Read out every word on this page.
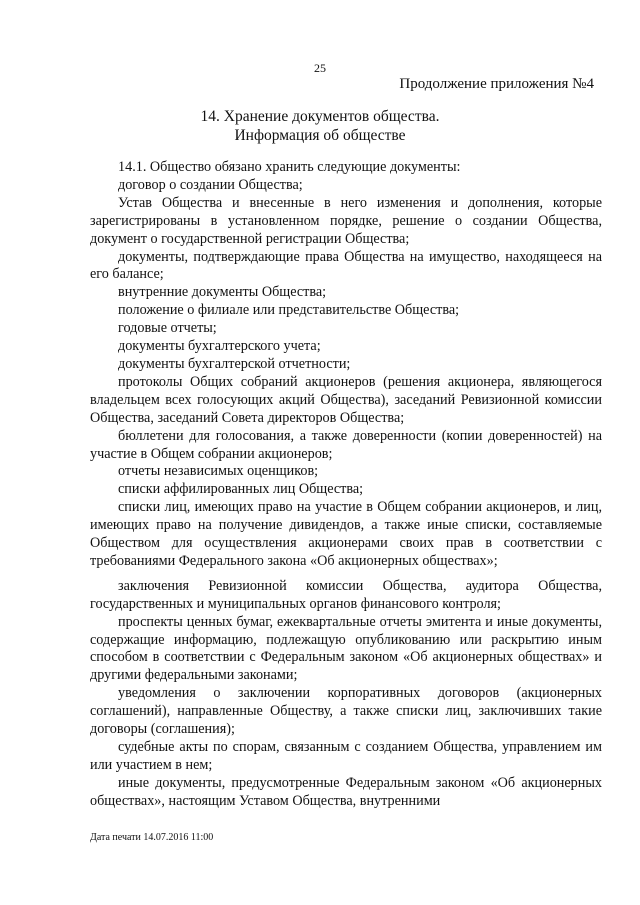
25
Продолжение приложения №4
14. Хранение документов общества.
Информация об обществе

14.1. Общество обязано хранить следующие документы:

договор о создании Общества;

Устав Общества и внесенные в него изменения и дополнения, которые зарегистрированы в установленном порядке, решение о создании Общества, документ о государственной регистрации Общества;

документы, подтверждающие права Общества на имущество, находящееся на его балансе;

внутренние документы Общества;

положение о филиале или представительстве Общества;

годовые отчеты;

документы бухгалтерского учета;

документы бухгалтерской отчетности;

протоколы Общих собраний акционеров (решения акционера, являющегося владельцем всех голосующих акций Общества), заседаний Ревизионной комиссии Общества, заседаний Совета директоров Общества;

бюллетени для голосования, а также доверенности (копии доверенностей) на участие в Общем собрании акционеров;

отчеты независимых оценщиков;

списки аффилированных лиц Общества;

списки лиц, имеющих право на участие в Общем собрании акционеров, и лиц, имеющих право на получение дивидендов, а также иные списки, составляемые Обществом для осуществления акционерами своих прав в соответствии с требованиями Федерального закона «Об акционерных обществах»;

заключения Ревизионной комиссии Общества, аудитора Общества, государственных и муниципальных органов финансового контроля;

проспекты ценных бумаг, ежеквартальные отчеты эмитента и иные документы, содержащие информацию, подлежащую опубликованию или раскрытию иным способом в соответствии с Федеральным законом «Об акционерных обществах» и другими федеральными законами;

уведомления о заключении корпоративных договоров (акционерных соглашений), направленные Обществу, а также списки лиц, заключивших такие договоры (соглашения);

судебные акты по спорам, связанным с созданием Общества, управлением им или участием в нем;

иные документы, предусмотренные Федеральным законом «Об акционерных обществах», настоящим Уставом Общества, внутренними

Дата печати 14.07.2016 11:00
